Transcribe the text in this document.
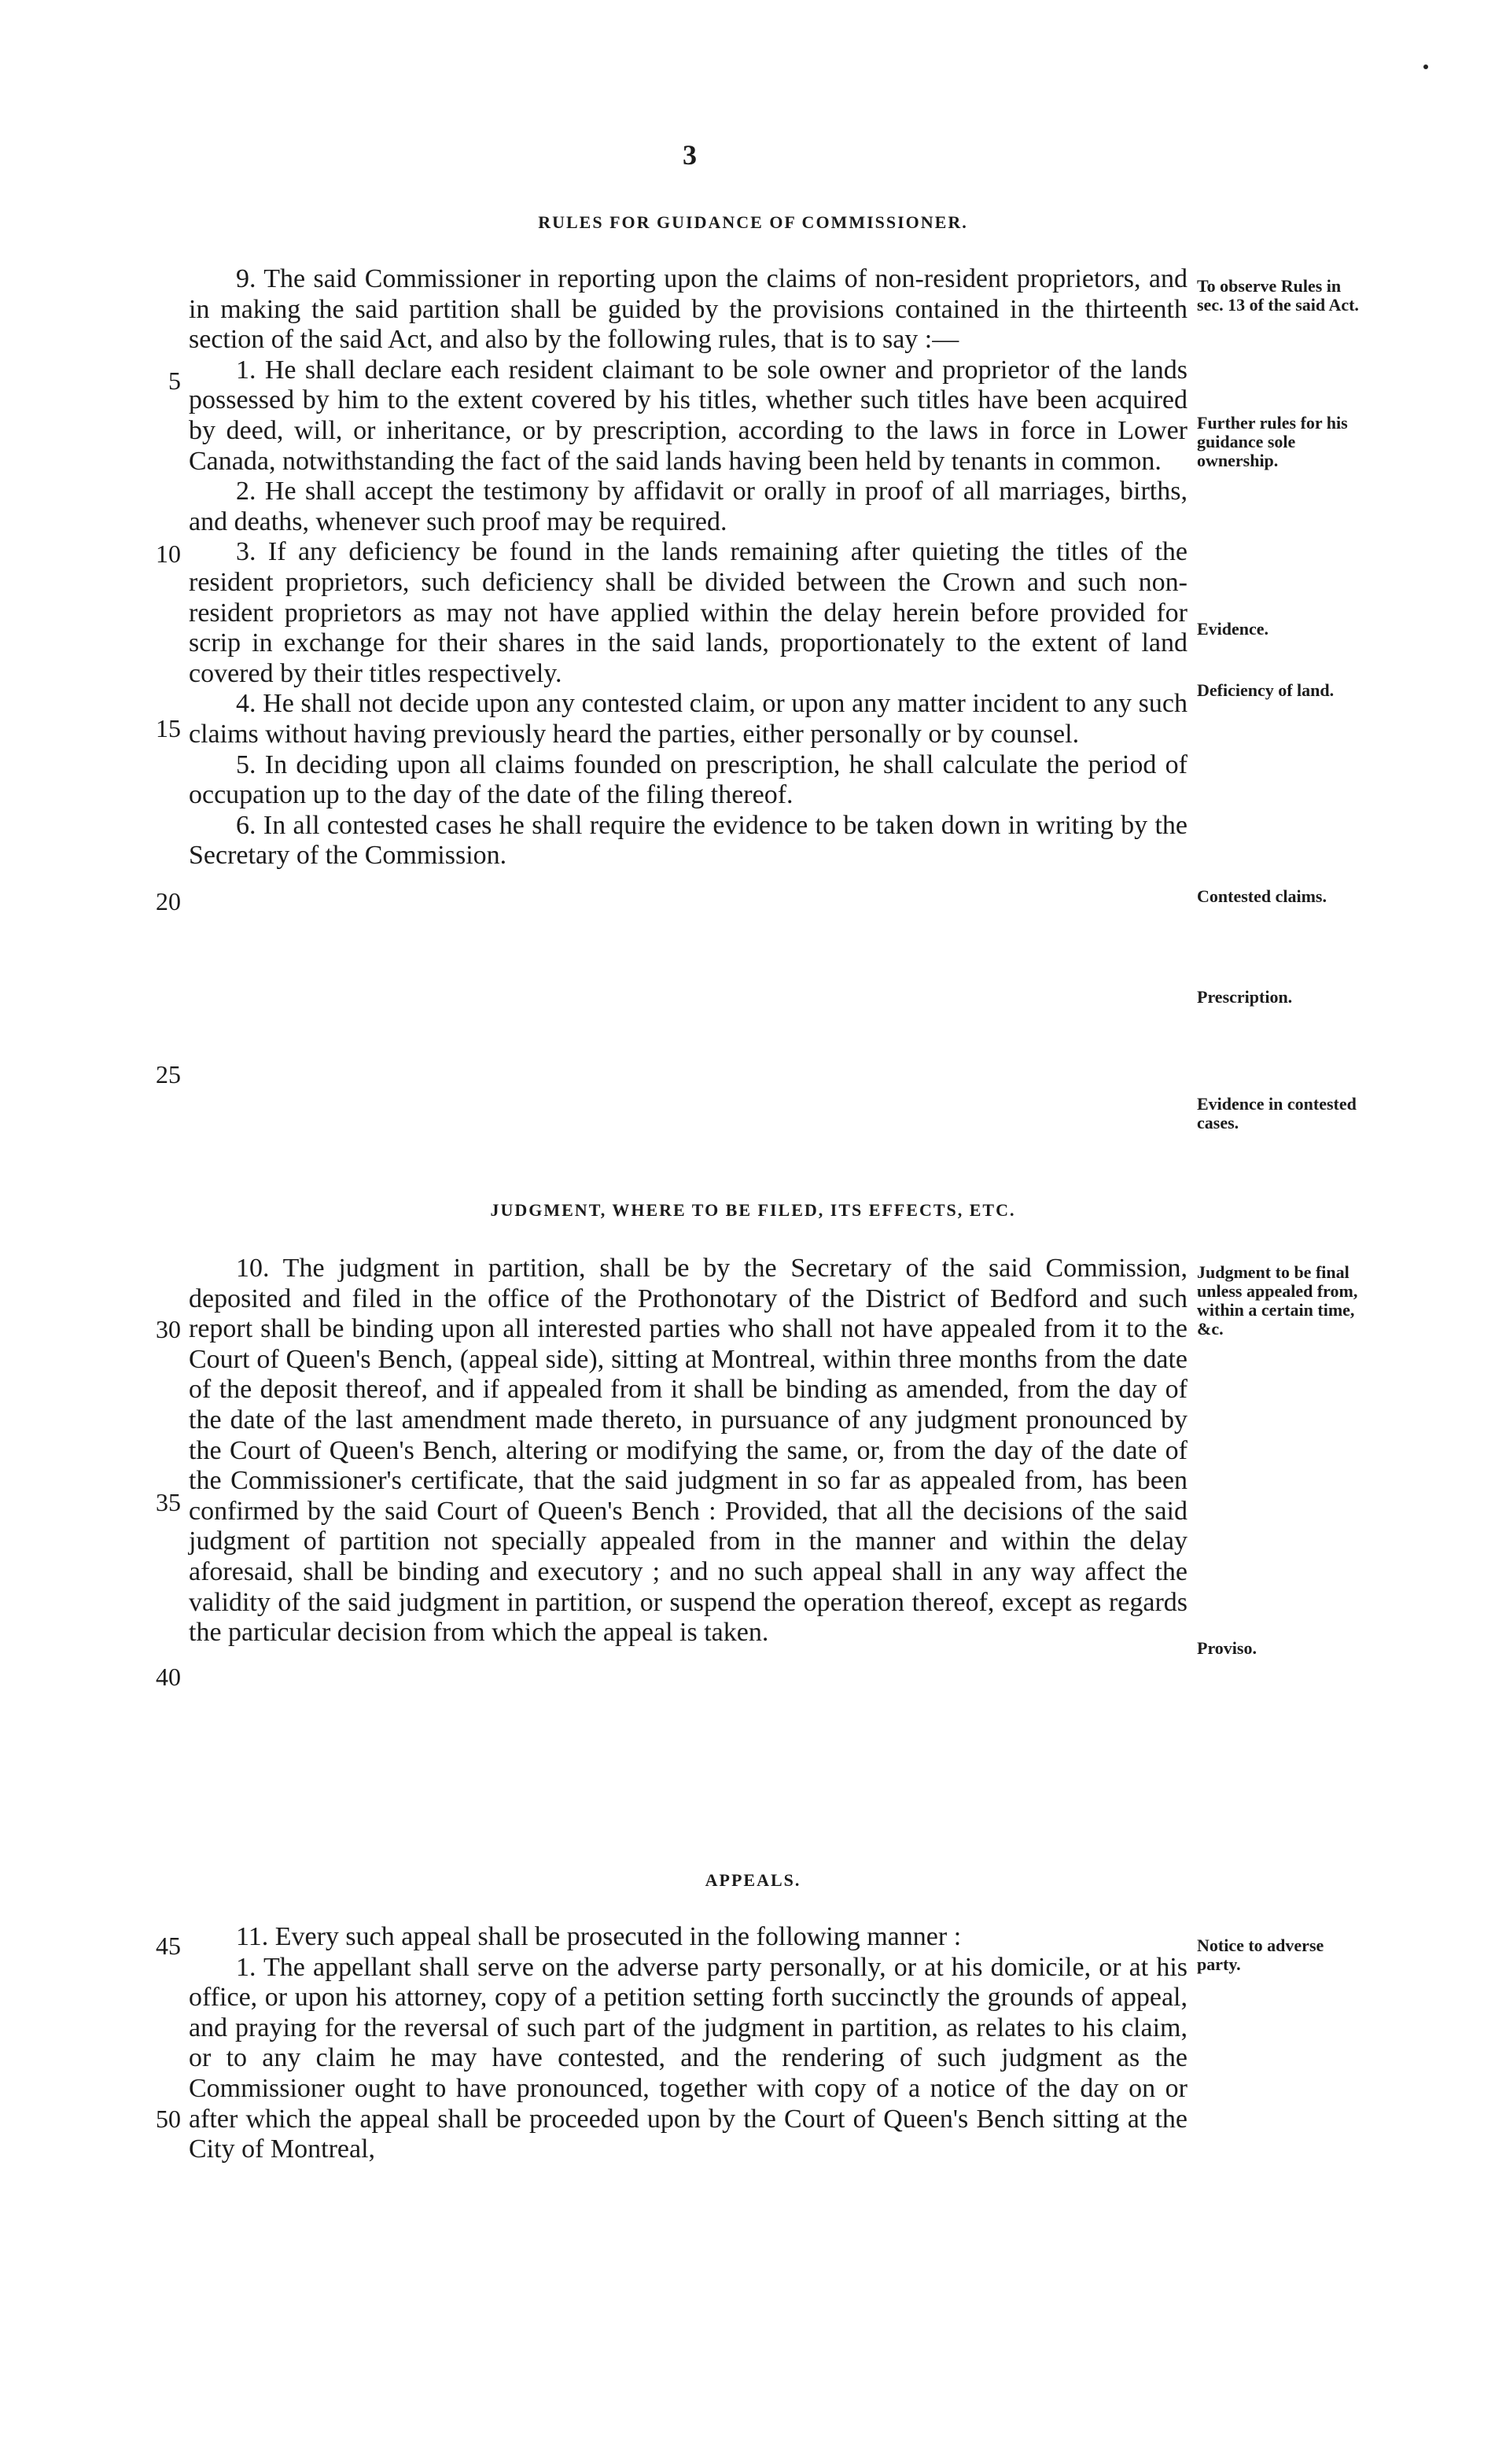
3
RULES FOR GUIDANCE OF COMMISSIONER.

9. The said Commissioner in reporting upon the claims of non-resident proprietors, and in making the said partition shall be guided by the provisions contained in the thirteenth section of the said Act, and also by the following rules, that is to say :—

1. He shall declare each resident claimant to be sole owner and proprietor of the lands possessed by him to the extent covered by his titles, whether such titles have been acquired by deed, will, or inheritance, or by prescription, according to the laws in force in Lower Canada, notwithstanding the fact of the said lands having been held by tenants in common.

2. He shall accept the testimony by affidavit or orally in proof of all marriages, births, and deaths, whenever such proof may be required.

3. If any deficiency be found in the lands remaining after quieting the titles of the resident proprietors, such deficiency shall be divided between the Crown and such non-resident proprietors as may not have applied within the delay herein before provided for scrip in exchange for their shares in the said lands, proportionately to the extent of land covered by their titles respectively.

4. He shall not decide upon any contested claim, or upon any matter incident to any such claims without having previously heard the parties, either personally or by counsel.

5. In deciding upon all claims founded on prescription, he shall calculate the period of occupation up to the day of the date of the filing thereof.

6. In all contested cases he shall require the evidence to be taken down in writing by the Secretary of the Commission.

JUDGMENT, WHERE TO BE FILED, ITS EFFECTS, ETC.

10. The judgment in partition, shall be by the Secretary of the said Commission, deposited and filed in the office of the Prothonotary of the District of Bedford and such report shall be binding upon all interested parties who shall not have appealed from it to the Court of Queen's Bench, (appeal side), sitting at Montreal, within three months from the date of the deposit thereof, and if appealed from it shall be binding as amended, from the day of the date of the last amendment made thereto, in pursuance of any judgment pronounced by the Court of Queen's Bench, altering or modifying the same, or, from the day of the date of the Commissioner's certificate, that the said judgment in so far as appealed from, has been confirmed by the said Court of Queen's Bench : Provided, that all the decisions of the said judgment of partition not specially appealed from in the manner and within the delay aforesaid, shall be binding and executory ; and no such appeal shall in any way affect the validity of the said judgment in partition, or suspend the operation thereof, except as regards the particular decision from which the appeal is taken.

APPEALS.

11. Every such appeal shall be prosecuted in the following manner :

1. The appellant shall serve on the adverse party personally, or at his domicile, or at his office, or upon his attorney, copy of a petition setting forth succinctly the grounds of appeal, and praying for the reversal of such part of the judgment in partition, as relates to his claim, or to any claim he may have contested, and the rendering of such judgment as the Commissioner ought to have pronounced, together with copy of a notice of the day on or after which the appeal shall be proceeded upon by the Court of Queen's Bench sitting at the City of Montreal,

5
10
15
20
25
30
35
40
45
50
To observe Rules in sec. 13 of the said Act.
Further rules for his guidance sole ownership.
Evidence.
Deficiency of land.
Contested claims.
Prescription.
Evidence in contested cases.
Judgment to be final unless appealed from, within a certain time, &c.
Proviso.
Notice to adverse party.
